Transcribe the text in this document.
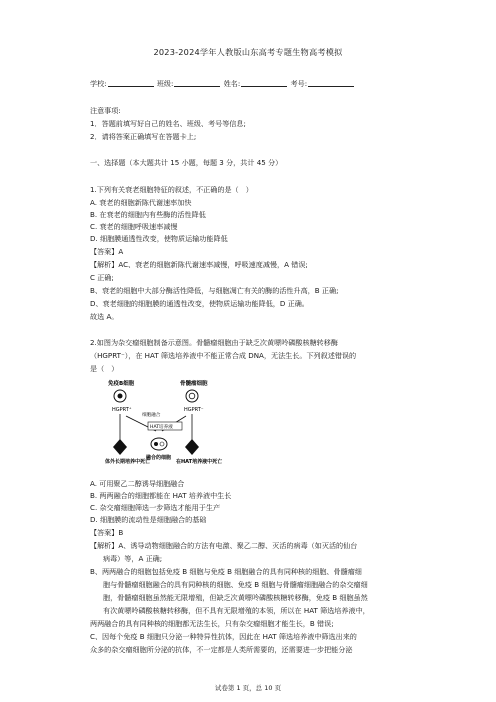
2023-2024学年人教版山东高考专题生物高考模拟
学校:	班级:	姓名:	考号:
注意事项:
1．答题前填写好自己的姓名、班级、考号等信息;
2．请将答案正确填写在答题卡上;
一、选择题（本大题共计 15 小题，每题 3 分，共计 45 分）
1.下列有关衰老细胞特征的叙述，不正确的是（　）
A. 衰老的细胞新陈代谢速率加快
B. 在衰老的细胞内有些酶的活性降低
C. 衰老的细胞呼吸速率减慢
D. 细胞膜通透性改变，使物质运输功能降低
【答案】A
【解析】AC、衰老的细胞新陈代谢速率减慢，呼吸速度减慢，A 错误;
C 正确;
B、衰老的细胞中大部分酶活性降低，与细胞凋亡有关的酶的活性升高，B 正确;
D、衰老细胞的细胞膜的通透性改变，使物质运输功能降低，D 正确。
故选 A。
2.如图为杂交瘤细胞制备示意图。骨髓瘤细胞由于缺乏次黄嘌呤磷酸核糖转移酶
（HGPRT⁻），在 HAT 筛选培养液中不能正常合成 DNA，无法生长。下列叙述错误的
是（　）
免疫B细胞	骨髓瘤细胞
HGPRT⁺	HGPRT⁻
细胞融合
HAT培养液
体外长期培养中死亡
融合的细胞
在HAT培养液中死亡
A. 可用聚乙二醇诱导细胞融合
B. 两两融合的细胞都能在 HAT 培养液中生长
C. 杂交瘤细胞筛选一步筛选才能用于生产
D. 细胞膜的流动性是细胞融合的基础
【答案】B
【解析】A、诱导动物细胞融合的方法有电激、聚乙二醇、灭活的病毒（如灭活的仙台
病毒）等，A 正确;
B、两两融合的细胞包括免疫 B 细胞与免疫 B 细胞融合的具有同种核的细胞、骨髓瘤细
胞与骨髓瘤细胞融合的具有同种核的细胞、免疫 B 细胞与骨髓瘤细胞融合的杂交瘤细
胞，骨髓瘤细胞虽然能无限增殖，但缺乏次黄嘌呤磷酸核糖转移酶，免疫 B 细胞虽然
有次黄嘌呤磷酸核糖转移酶，但不具有无限增殖的本领，所以在 HAT 筛选培养液中，
两两融合的具有同种核的细胞都无法生长，只有杂交瘤细胞才能生长，B 错误;
C、因每个免疫 B 细胞只分泌一种特异性抗体，因此在 HAT 筛选培养液中筛选出来的
众多的杂交瘤细胞所分泌的抗体，不一定都是人类所需要的，还需要进一步把能分泌
试卷第 1 页，总 10 页
